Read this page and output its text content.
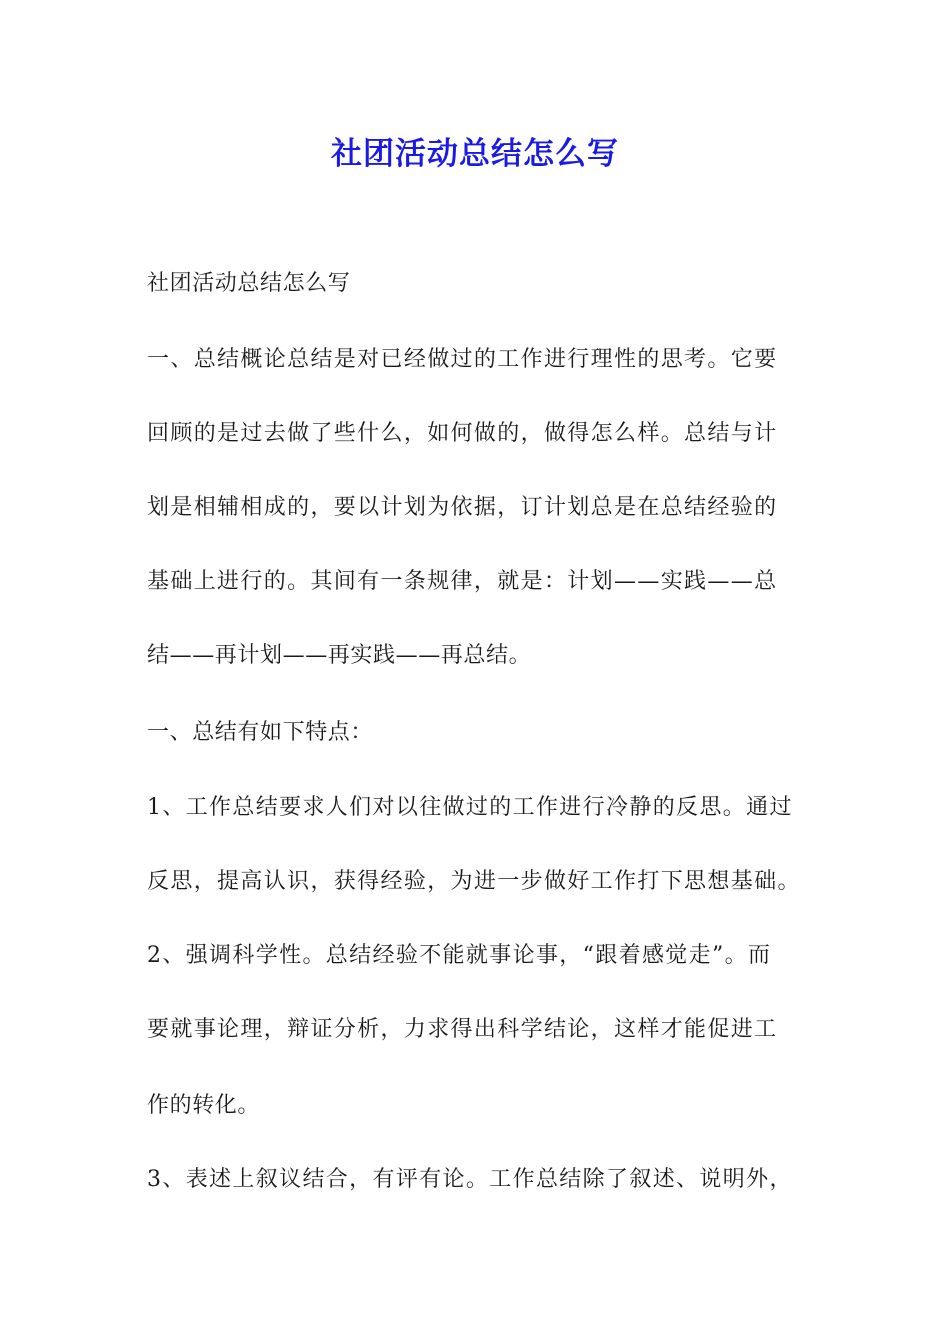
社团活动总结怎么写
社团活动总结怎么写
一、总结概论总结是对已经做过的工作进行理性的思考。它要
回顾的是过去做了些什么，如何做的，做得怎么样。总结与计
划是相辅相成的，要以计划为依据，订计划总是在总结经验的
基础上进行的。其间有一条规律，就是：计划——实践——总
结——再计划——再实践——再总结。
一、总结有如下特点：
1、工作总结要求人们对以往做过的工作进行冷静的反思。通过
反思，提高认识，获得经验，为进一步做好工作打下思想基础。
2、强调科学性。总结经验不能就事论事，“跟着感觉走”。而
要就事论理，辩证分析，力求得出科学结论，这样才能促进工
作的转化。
3、表述上叙议结合，有评有论。工作总结除了叙述、说明外，
